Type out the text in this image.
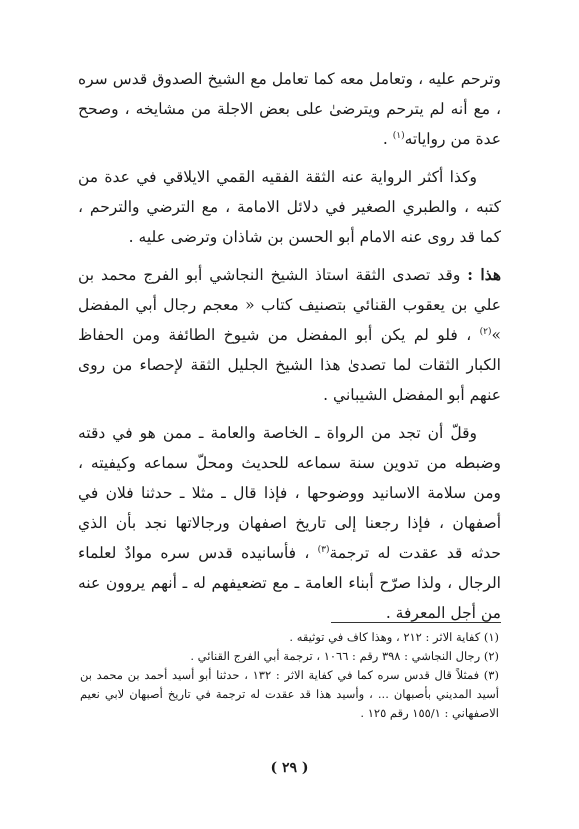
وترحم عليه ، وتعامل معه كما تعامل مع الشيخ الصدوق قدس سره ، مع أنه لم يترحم ويترضىٰ على بعض الاجلة من مشايخه ، وصحح عدة من رواياته$^{(١)}$ .

وكذا أكثر الرواية عنه الثقة الفقيه القمي الايلاقي في عدة من كتبه ، والطبري الصغير في دلائل الامامة ، مع الترضي والترحم ، كما قد روى عنه الامام أبو الحسن بن شاذان وترضى عليه .

هذا : وقد تصدى الثقة استاذ الشيخ النجاشي أبو الفرج محمد بن علي بن يعقوب القنائي بتصنيف كتاب « معجم رجال أبي المفضل »$^{(٢)}$ ، فلو لم يكن أبو المفضل من شيوخ الطائفة ومن الحفاظ الكبار الثقات لما تصدىٰ هذا الشيخ الجليل الثقة لإحصاء من روى عنهم أبو المفضل الشيباني .

وقلّ أن تجد من الرواة ـ الخاصة والعامة ـ ممن هو في دقته وضبطه من تدوين سنة سماعه للحديث ومحلّ سماعه وكيفيته ، ومن سلامة الاسانيد ووضوحها ، فإذا قال ـ مثلا ـ حدثنا فلان في أصفهان ، فإذا رجعنا إلى تاريخ اصفهان ورجالاتها نجد بأن الذي حدثه قد عقدت له ترجمة$^{(٣)}$ ، فأسانيده قدس سره موادٌ لعلماء الرجال ، ولذا صرّح أبناء العامة ـ مع تضعيفهم له ـ أنهم يروون عنه من أجل المعرفة .

(١) كفاية الاثر : ٢١٢ ، وهذا كاف في توثيقه .

(٢) رجال النجاشي : ٣٩٨ رقم : ١٠٦٦ ، ترجمة أبي الفرج القنائي .

(٣) فمثلاً قال قدس سره كما في كفاية الاثر : ١٣٢ ، حدثنا أبو أسيد أحمد بن محمد بن أسيد المديني بأصبهان ... ، وأسيد هذا قد عقدت له ترجمة في تاريخ أصبهان لابي نعيم الاصفهاني : ١٥٥/١ رقم ١٢٥ .

( ٢٩ )
